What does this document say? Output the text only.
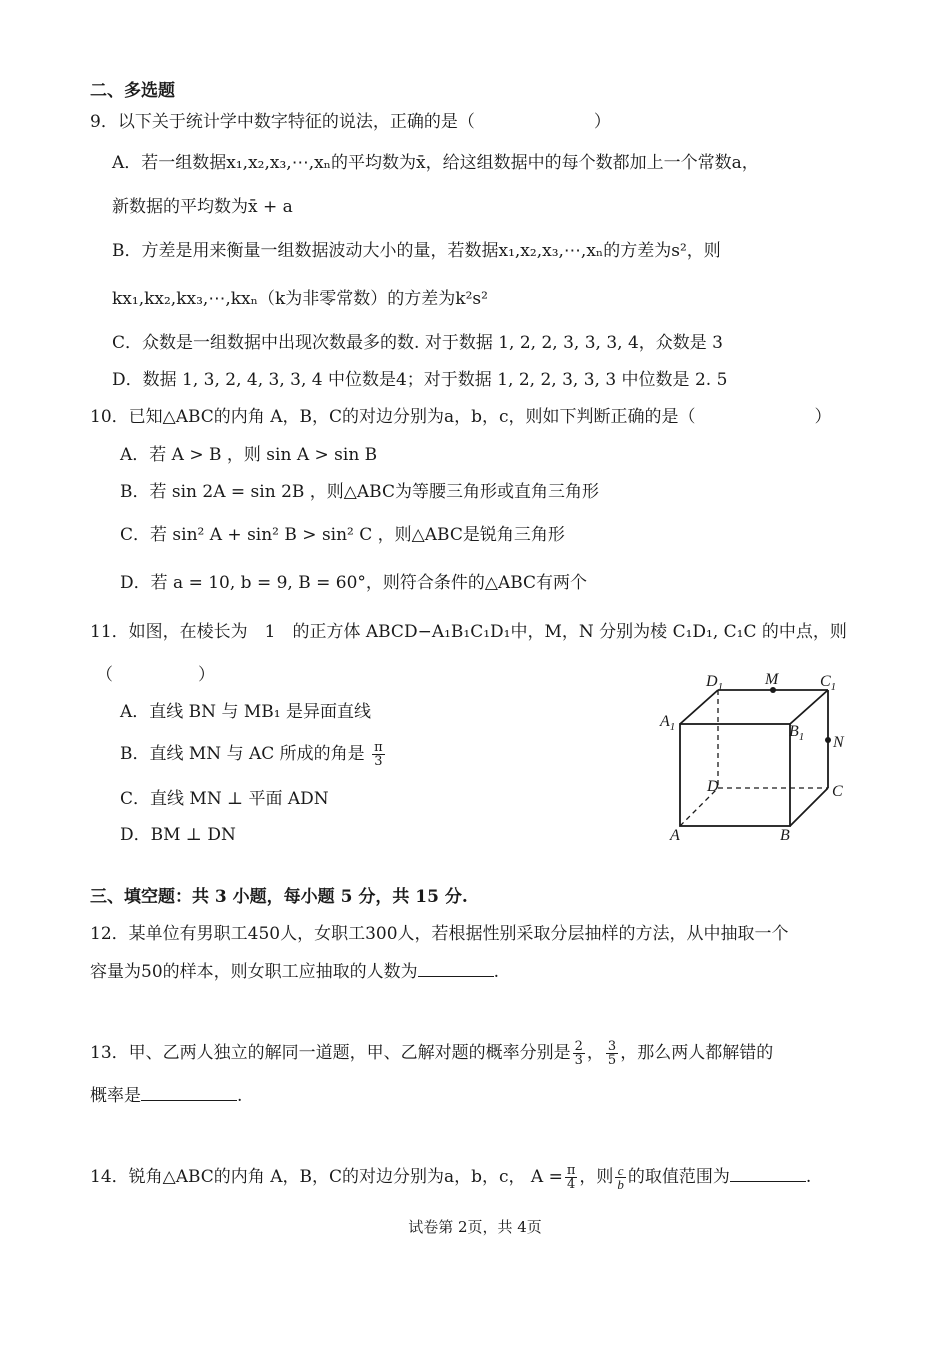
二、多选题
9．以下关于统计学中数字特征的说法，正确的是（　　　　　　　）
A．若一组数据x₁,x₂,x₃,⋯,xₙ的平均数为x̄，给这组数据中的每个数都加上一个常数a，
新数据的平均数为x̄ + a
B．方差是用来衡量一组数据波动大小的量，若数据x₁,x₂,x₃,⋯,xₙ的方差为s²，则
kx₁,kx₂,kx₃,⋯,kxₙ（k为非零常数）的方差为k²s²
C．众数是一组数据中出现次数最多的数. 对于数据 1, 2, 2, 3, 3, 3, 4，众数是 3
D．数据 1, 3, 2, 4, 3, 3, 4 中位数是4；对于数据 1, 2, 2, 3, 3, 3 中位数是 2. 5
10．已知△ABC的内角 A，B，C的对边分别为a，b，c，则如下判断正确的是（　　　　　　　）
A．若 A > B ，则 sin A > sin B
B．若 sin 2A = sin 2B ，则△ABC为等腰三角形或直角三角形
C．若 sin² A + sin² B > sin² C ，则△ABC是锐角三角形
D．若 a = 10, b = 9, B = 60°，则符合条件的△ABC有两个
11．如图，在棱长为　1　的正方体 ABCD−A₁B₁C₁D₁中，M，N 分别为棱 C₁D₁, C₁C 的中点，则
（　　　　　）
A．直线 BN 与 MB₁ 是异面直线
B．直线 MN 与 AC 所成的角是 $\frac{\pi}{3}$
C．直线 MN ⊥ 平面 ADN
D．BM ⊥ DN
$D_1$	M	$C_1$
$A_1$	$B_1$ N
D	C
A	B
三、填空题：共 3 小题，每小题 5 分，共 15 分.
12．某单位有男职工450人，女职工300人，若根据性别采取分层抽样的方法，从中抽取一个
容量为50的样本，则女职工应抽取的人数为	.
13．甲、乙两人独立的解同一道题，甲、乙解对题的概率分别是 $\frac{2}{3}$ ， $\frac{3}{5}$ ，那么两人都解错的
概率是	.
14．锐角△ABC的内角 A，B，C的对边分别为a，b，c， $A = \frac{\pi}{4}$ ，则 $\frac{c}{b}$ 的取值范围为	.
试卷第 2页，共 4页
